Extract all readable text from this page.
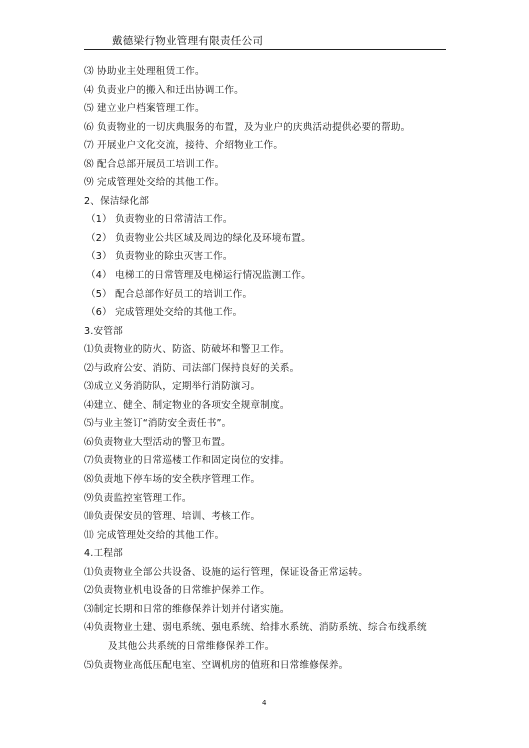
戴德梁行物业管理有限责任公司
⑶ 协助业主处理租赁工作。
⑷ 负责业户的搬入和迁出协调工作。
⑸ 建立业户档案管理工作。
⑹ 负责物业的一切庆典服务的布置，及为业户的庆典活动提供必要的帮助。
⑺ 开展业户文化交流，接待、介绍物业工作。
⑻ 配合总部开展员工培训工作。
⑼ 完成管理处交给的其他工作。
2、保洁绿化部
（1） 负责物业的日常清洁工作。
（2） 负责物业公共区域及周边的绿化及环境布置。
（3） 负责物业的除虫灭害工作。
（4） 电梯工的日常管理及电梯运行情况监测工作。
（5） 配合总部作好员工的培训工作。
（6） 完成管理处交给的其他工作。
3.安管部
⑴负责物业的防火、防盗、防破坏和警卫工作。
⑵与政府公安、消防、司法部门保持良好的关系。
⑶成立义务消防队，定期举行消防演习。
⑷建立、健全、制定物业的各项安全规章制度。
⑸与业主签订“消防安全责任书”。
⑹负责物业大型活动的警卫布置。
⑺负责物业的日常巡楼工作和固定岗位的安排。
⑻负责地下停车场的安全秩序管理工作。
⑼负责监控室管理工作。
⑽负责保安员的管理、培训、考核工作。
⑾ 完成管理处交给的其他工作。
4.工程部
⑴负责物业全部公共设备、设施的运行管理，保证设备正常运转。
⑵负责物业机电设备的日常维护保养工作。
⑶制定长期和日常的维修保养计划并付诸实施。
⑷负责物业土建、弱电系统、强电系统、给排水系统、消防系统、综合布线系统
及其他公共系统的日常维修保养工作。
⑸负责物业高低压配电室、空调机房的值班和日常维修保养。
4
